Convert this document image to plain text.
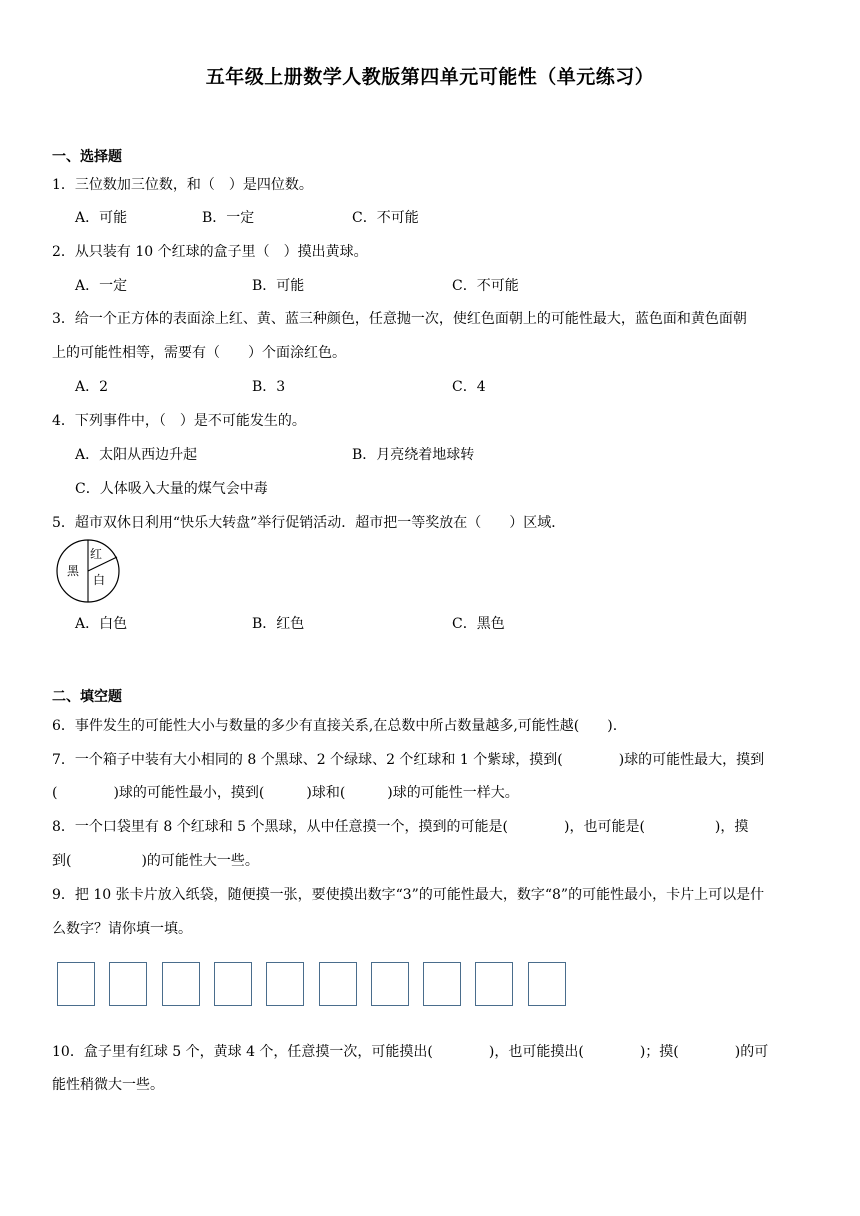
五年级上册数学人教版第四单元可能性（单元练习）
一、选择题
1．三位数加三位数，和（　）是四位数。
A．可能	B．一定	C．不可能
2．从只装有 10 个红球的盒子里（　）摸出黄球。
A．一定	B．可能	C．不可能
3．给一个正方体的表面涂上红、黄、蓝三种颜色，任意抛一次，使红色面朝上的可能性最大，蓝色面和黄色面朝
上的可能性相等，需要有（　　）个面涂红色。
A．2	B．3	C．4
4．下列事件中，（　）是不可能发生的。
A．太阳从西边升起	B．月亮绕着地球转
C．人体吸入大量的煤气会中毒
5．超市双休日利用“快乐大转盘”举行促销活动．超市把一等奖放在（　　）区域．
黑
红
白
A．白色	B．红色	C．黑色
二、填空题
6．事件发生的可能性大小与数量的多少有直接关系,在总数中所占数量越多,可能性越(　　).
7．一个箱子中装有大小相同的 8 个黑球、2 个绿球、2 个红球和 1 个紫球，摸到(　　　　)球的可能性最大，摸到
(　　　　)球的可能性最小，摸到(　　　)球和(　　　)球的可能性一样大。
8．一个口袋里有 8 个红球和 5 个黑球，从中任意摸一个，摸到的可能是(　　　　)，也可能是(　　　　　)，摸
到(　　　　　)的可能性大一些。
9．把 10 张卡片放入纸袋，随便摸一张，要使摸出数字“3”的可能性最大，数字“8”的可能性最小，卡片上可以是什
么数字？请你填一填。
10．盒子里有红球 5 个，黄球 4 个，任意摸一次，可能摸出(　　　　)，也可能摸出(　　　　)；摸(　　　　)的可
能性稍微大一些。
